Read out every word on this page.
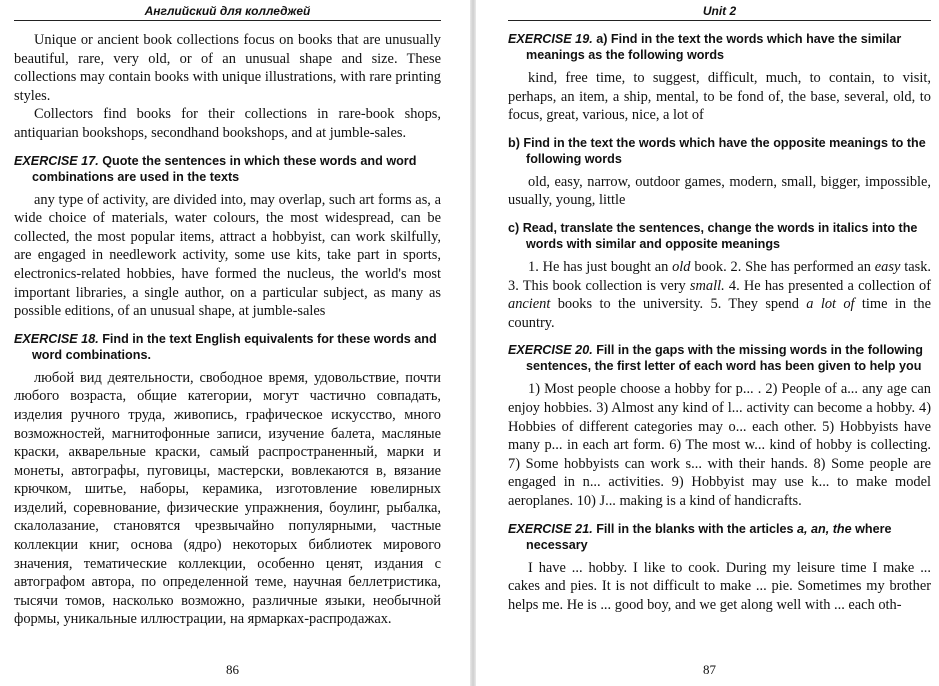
Английский для колледжей

Unique or ancient book collections focus on books that are unusually beautiful, rare, very old, or of an unusual shape and size. These collections may contain books with unique illustrations, with rare printing styles.

Collectors find books for their collections in rare-book shops, antiquarian bookshops, secondhand bookshops, and at jumble-sales.

EXERCISE 17. Quote the sentences in which these words and word combinations are used in the texts

any type of activity, are divided into, may overlap, such art forms as, a wide choice of materials, water colours, the most widespread, can be collected, the most popular items, attract a hobbyist, can work skilfully, are engaged in needlework activity, some use kits, take part in sports, electronics-related hobbies, have formed the nucleus, the world's most important libraries, a single author, on a particular subject, as many as possible editions, of an unusual shape, at jumble-sales

EXERCISE 18. Find in the text English equivalents for these words and word combinations.

любой вид деятельности, свободное время, удовольствие, почти любого возраста, общие категории, могут частично совпадать, изделия ручного труда, живопись, графическое искусство, много возможностей, магнитофонные записи, изучение балета, масляные краски, акварельные краски, самый распространенный, марки и монеты, автографы, пуговицы, мастерски, вовлекаются в, вязание крючком, шитье, наборы, керамика, изготовление ювелирных изделий, соревнование, физические упражнения, боулинг, рыбалка, скалолазание, становятся чрезвычайно популярными, частные коллекции книг, основа (ядро) некоторых библиотек мирового значения, тематические коллекции, особенно ценят, издания с автографом автора, по определенной теме, научная беллетристика, тысячи томов, насколько возможно, различные языки, необычной формы, уникальные иллюстрации, на ярмарках-распродажах.

86
Unit 2
EXERCISE 19. a) Find in the text the words which have the similar meanings as the following words

kind, free time, to suggest, difficult, much, to contain, to visit, perhaps, an item, a ship, mental, to be fond of, the base, several, old, to focus, great, various, nice, a lot of

b) Find in the text the words which have the opposite meanings to the following words

old, easy, narrow, outdoor games, modern, small, bigger, impossible, usually, young, little

c) Read, translate the sentences, change the words in italics into the words with similar and opposite meanings

1. He has just bought an old book. 2. She has performed an easy task. 3. This book collection is very small. 4. He has presented a collection of ancient books to the university. 5. They spend a lot of time in the country.

EXERCISE 20. Fill in the gaps with the missing words in the following sentences, the first letter of each word has been given to help you

1) Most people choose a hobby for p... . 2) People of a... any age can enjoy hobbies. 3) Almost any kind of l... activity can become a hobby. 4) Hobbies of different categories may o... each other. 5) Hobbyists have many p... in each art form. 6) The most w... kind of hobby is collecting. 7) Some hobbyists can work s... with their hands. 8) Some people are engaged in n... activities. 9) Hobbyist may use k... to make model aeroplanes. 10) J... making is a kind of handicrafts.

EXERCISE 21. Fill in the blanks with the articles a, an, the where necessary

I have ... hobby. I like to cook. During my leisure time I make ... cakes and pies. It is not difficult to make ... pie. Sometimes my brother helps me. He is ... good boy, and we get along well with ... each oth-

87
